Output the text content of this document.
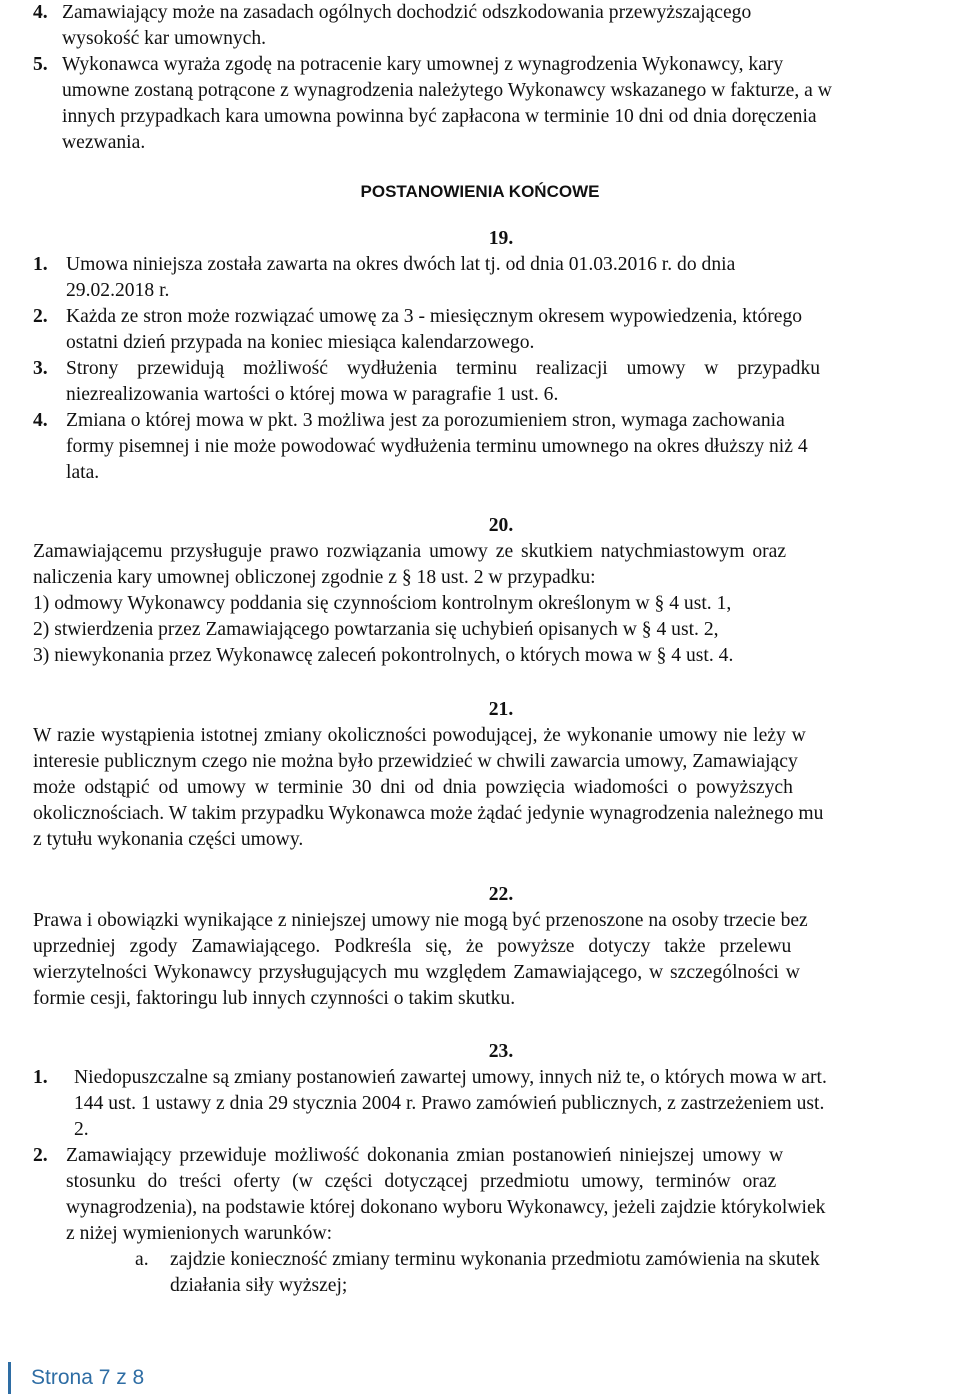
4. Zamawiający może na zasadach ogólnych dochodzić odszkodowania przewyższającego
wysokość kar umownych.
5. Wykonawca wyraża zgodę na potracenie kary umownej z wynagrodzenia Wykonawcy, kary
umowne zostaną potrącone z wynagrodzenia należytego Wykonawcy wskazanego w fakturze, a w
innych przypadkach kara umowna powinna być zapłacona w terminie 10 dni od dnia doręczenia
wezwania.
POSTANOWIENIA KOŃCOWE
19.
1. Umowa niniejsza została zawarta na okres dwóch lat tj. od dnia 01.03.2016 r. do dnia
29.02.2018 r.
2. Każda ze stron może rozwiązać umowę za 3 - miesięcznym okresem wypowiedzenia, którego
ostatni dzień przypada na koniec miesiąca kalendarzowego.
3. Strony przewidują możliwość wydłużenia terminu realizacji umowy w przypadku
niezrealizowania wartości o której mowa w paragrafie 1 ust. 6.
4. Zmiana o której mowa w pkt. 3 możliwa jest za porozumieniem stron, wymaga zachowania
formy pisemnej i nie może powodować wydłużenia terminu umownego na okres dłuższy niż 4
lata.
20.
Zamawiającemu przysługuje prawo rozwiązania umowy ze skutkiem natychmiastowym oraz
naliczenia kary umownej obliczonej zgodnie z § 18 ust. 2 w przypadku:
1) odmowy Wykonawcy poddania się czynnościom kontrolnym określonym w § 4 ust. 1,
2) stwierdzenia przez Zamawiającego powtarzania się uchybień opisanych w § 4 ust. 2,
3) niewykonania przez Wykonawcę zaleceń pokontrolnych, o których mowa w § 4 ust. 4.
21.
W razie wystąpienia istotnej zmiany okoliczności powodującej, że wykonanie umowy nie leży w
interesie publicznym czego nie można było przewidzieć w chwili zawarcia umowy, Zamawiający
może odstąpić od umowy w terminie 30 dni od dnia powzięcia wiadomości o powyższych
okolicznościach. W takim przypadku Wykonawca może żądać jedynie wynagrodzenia należnego mu
z tytułu wykonania części umowy.
22.
Prawa i obowiązki wynikające z niniejszej umowy nie mogą być przenoszone na osoby trzecie bez
uprzedniej zgody Zamawiającego. Podkreśla się, że powyższe dotyczy także przelewu
wierzytelności Wykonawcy przysługujących mu względem Zamawiającego, w szczególności w
formie cesji, faktoringu lub innych czynności o takim skutku.
23.
1. Niedopuszczalne są zmiany postanowień zawartej umowy, innych niż te, o których mowa w art.
144 ust. 1 ustawy z dnia 29 stycznia 2004 r. Prawo zamówień publicznych, z zastrzeżeniem ust.
2.
2. Zamawiający przewiduje możliwość dokonania zmian postanowień niniejszej umowy w
stosunku do treści oferty (w części dotyczącej przedmiotu umowy, terminów oraz
wynagrodzenia), na podstawie której dokonano wyboru Wykonawcy, jeżeli zajdzie którykolwiek
z niżej wymienionych warunków:
a. zajdzie konieczność zmiany terminu wykonania przedmiotu zamówienia na skutek
działania siły wyższej;
Strona 7 z 8
